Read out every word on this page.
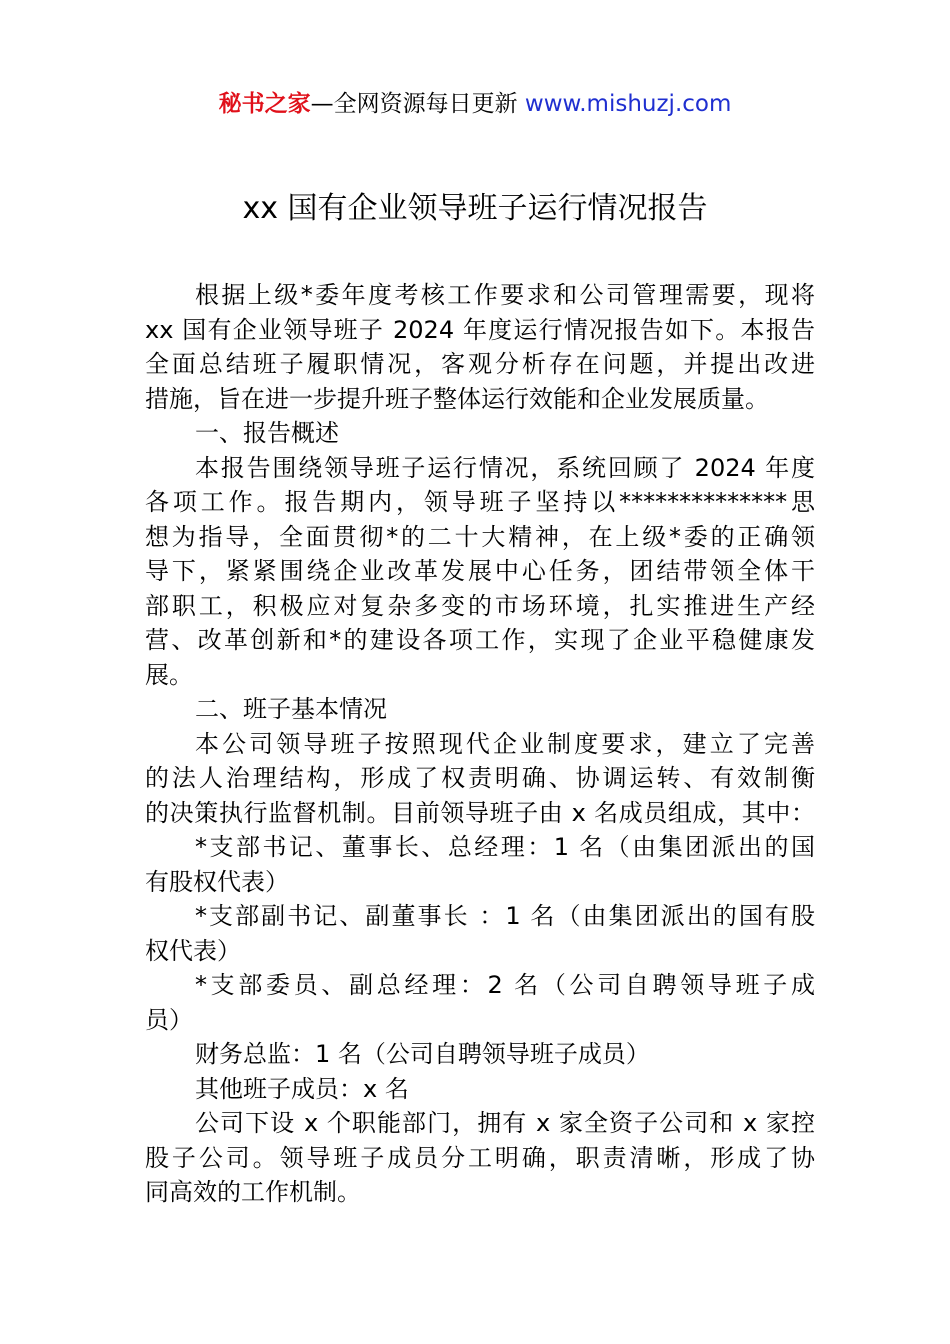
秘书之家—全网资源每日更新 www.mishuzj.com
xx 国有企业领导班子运行情况报告
根据上级*委年度考核工作要求和公司管理需要，现将
xx 国有企业领导班子 2024 年度运行情况报告如下。本报告
全面总结班子履职情况，客观分析存在问题，并提出改进
措施，旨在进一步提升班子整体运行效能和企业发展质量。
一、报告概述
本报告围绕领导班子运行情况，系统回顾了 2024 年度
各项工作。报告期内，领导班子坚持以**************思
想为指导，全面贯彻*的二十大精神，在上级*委的正确领
导下，紧紧围绕企业改革发展中心任务，团结带领全体干
部职工，积极应对复杂多变的市场环境，扎实推进生产经
营、改革创新和*的建设各项工作，实现了企业平稳健康发
展。
二、班子基本情况
本公司领导班子按照现代企业制度要求，建立了完善
的法人治理结构，形成了权责明确、协调运转、有效制衡
的决策执行监督机制。目前领导班子由 x 名成员组成，其中：
*支部书记、董事长、总经理：1 名（由集团派出的国
有股权代表）
*支部副书记、副董事长 ：1 名（由集团派出的国有股
权代表）
*支部委员、副总经理：2 名（公司自聘领导班子成
员）
财务总监：1 名（公司自聘领导班子成员）
其他班子成员：x 名
公司下设 x 个职能部门，拥有 x 家全资子公司和 x 家控
股子公司。领导班子成员分工明确，职责清晰，形成了协
同高效的工作机制。
